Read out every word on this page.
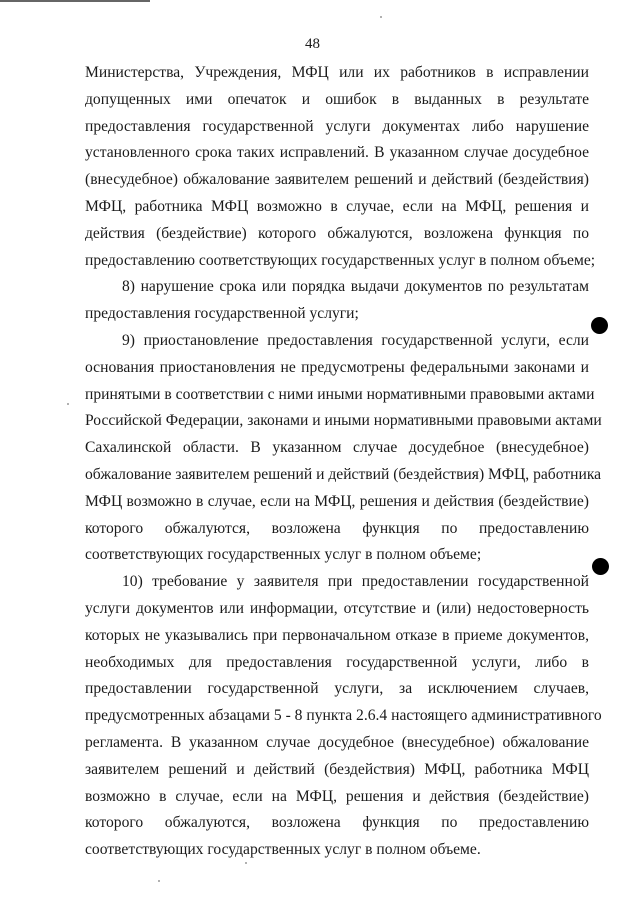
48
Министерства, Учреждения, МФЦ или их работников в исправлении
допущенных ими опечаток и ошибок в выданных в результате
предоставления государственной услуги документах либо нарушение
установленного срока таких исправлений. В указанном случае досудебное
(внесудебное) обжалование заявителем решений и действий (бездействия)
МФЦ, работника МФЦ возможно в случае, если на МФЦ, решения и
действия (бездействие) которого обжалуются, возложена функция по
предоставлению соответствующих государственных услуг в полном объеме;
8) нарушение срока или порядка выдачи документов по результатам
предоставления государственной услуги;
9) приостановление предоставления государственной услуги, если
основания приостановления не предусмотрены федеральными законами и
принятыми в соответствии с ними иными нормативными правовыми актами
Российской Федерации, законами и иными нормативными правовыми актами
Сахалинской области. В указанном случае досудебное (внесудебное)
обжалование заявителем решений и действий (бездействия) МФЦ, работника
МФЦ возможно в случае, если на МФЦ, решения и действия (бездействие)
которого обжалуются, возложена функция по предоставлению
соответствующих государственных услуг в полном объеме;
10) требование у заявителя при предоставлении государственной
услуги документов или информации, отсутствие и (или) недостоверность
которых не указывались при первоначальном отказе в приеме документов,
необходимых для предоставления государственной услуги, либо в
предоставлении государственной услуги, за исключением случаев,
предусмотренных абзацами 5 - 8 пункта 2.6.4 настоящего административного
регламента. В указанном случае досудебное (внесудебное) обжалование
заявителем решений и действий (бездействия) МФЦ, работника МФЦ
возможно в случае, если на МФЦ, решения и действия (бездействие)
которого обжалуются, возложена функция по предоставлению
соответствующих государственных услуг в полном объеме.
